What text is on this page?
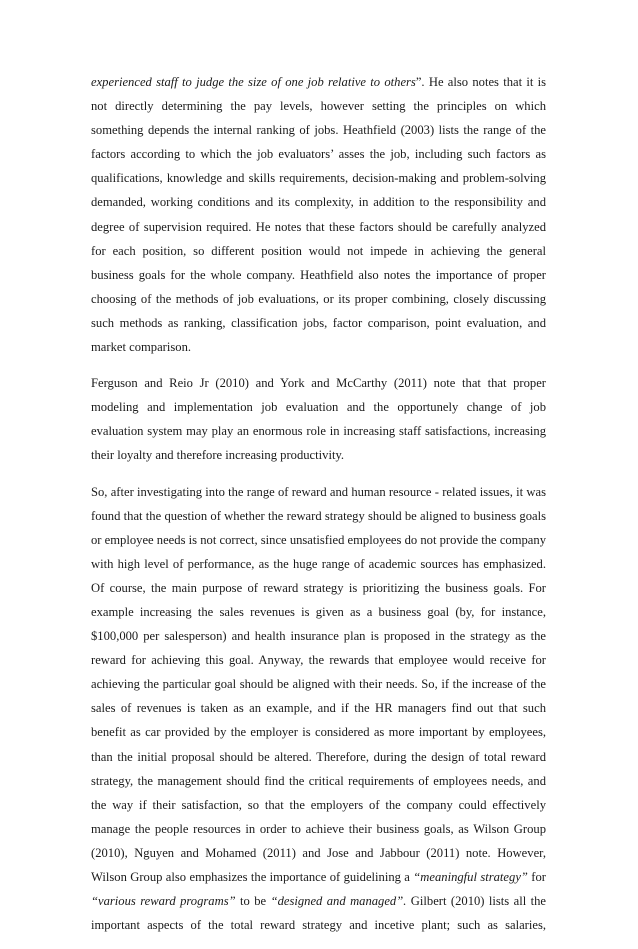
experienced staff to judge the size of one job relative to others”. He also notes that it is not directly determining the pay levels, however setting the principles on which something depends the internal ranking of jobs. Heathfield (2003) lists the range of the factors according to which the job evaluators’ asses the job, including such factors as qualifications, knowledge and skills requirements, decision-making and problem-solving demanded, working conditions and its complexity, in addition to the responsibility and degree of supervision required. He notes that these factors should be carefully analyzed for each position, so different position would not impede in achieving the general business goals for the whole company. Heathfield also notes the importance of proper choosing of the methods of job evaluations, or its proper combining, closely discussing such methods as ranking, classification jobs, factor comparison, point evaluation, and market comparison.

Ferguson and Reio Jr (2010) and York and McCarthy (2011) note that that proper modeling and implementation job evaluation and the opportunely change of job evaluation system may play an enormous role in increasing staff satisfactions, increasing their loyalty and therefore increasing productivity.

So, after investigating into the range of reward and human resource - related issues, it was found that the question of whether the reward strategy should be aligned to business goals or employee needs is not correct, since unsatisfied employees do not provide the company with high level of performance, as the huge range of academic sources has emphasized. Of course, the main purpose of reward strategy is prioritizing the business goals. For example increasing the sales revenues is given as a business goal (by, for instance, $100,000 per salesperson) and health insurance plan is proposed in the strategy as the reward for achieving this goal. Anyway, the rewards that employee would receive for achieving the particular goal should be aligned with their needs. So, if the increase of the sales of revenues is taken as an example, and if the HR managers find out that such benefit as car provided by the employer is considered as more important by employees, than the initial proposal should be altered. Therefore, during the design of total reward strategy, the management should find the critical requirements of employees needs, and the way if their satisfaction, so that the employers of the company could effectively manage the people resources in order to achieve their business goals, as Wilson Group (2010), Nguyen and Mohamed (2011) and Jose and Jabbour (2011) note. However, Wilson Group also emphasizes the importance of guidelining a “meaningful strategy” for “various reward programs” to be “designed and managed”. Gilbert (2010) lists all the important aspects of the total reward strategy and incetive plant; such as salaries,
